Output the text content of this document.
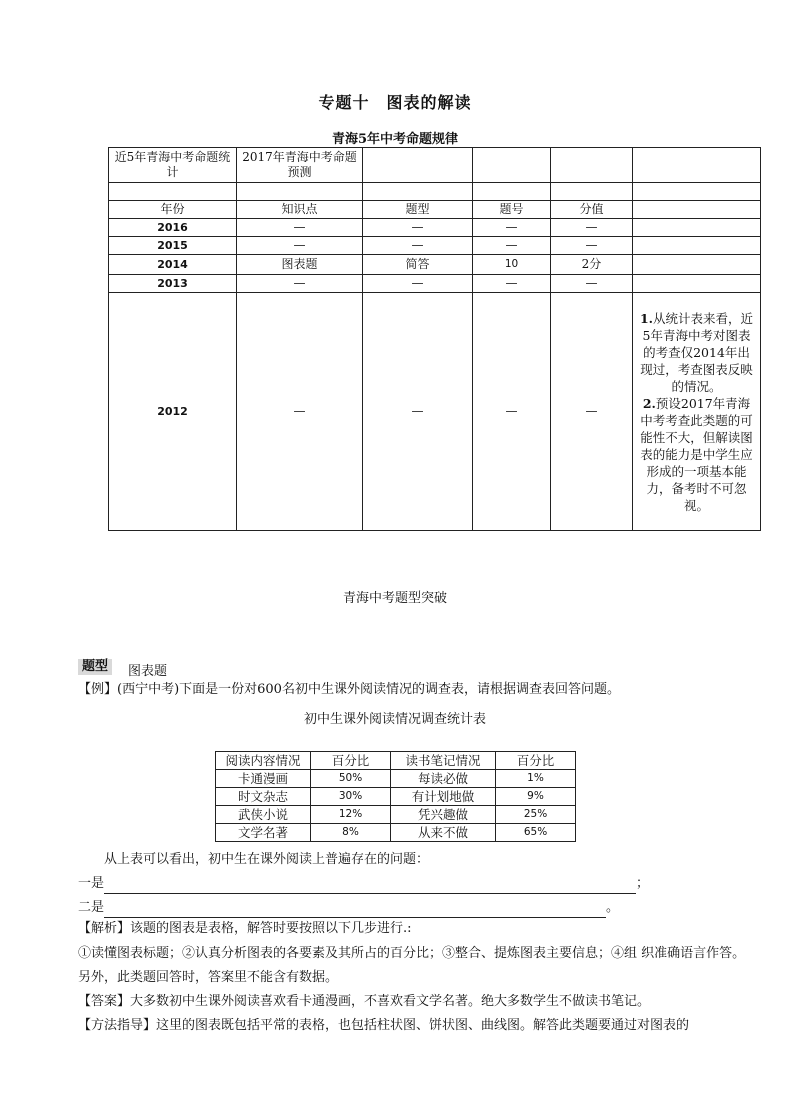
专题十　图表的解读
青海5年中考命题规律
近5年青海中考命题统计	2017年青海中考命题预测				

年份	知识点	题型	题号	分值	
2016	—	—	—	—	
2015	—	—	—	—	
2014	图表题	简答	10	2分	
2013	—	—	—	—	
2012	—	—	—	—	1.从统计表来看，近5年青海中考对图表的考查仅2014年出现过，考查图表反映的情况。
2.预设2017年青海中考考查此类题的可能性不大，但解读图表的能力是中学生应形成的一项基本能力，备考时不可忽视。
青海中考题型突破
题型	图表题
【例】(西宁中考)下面是一份对600名初中生课外阅读情况的调查表，请根据调查表回答问题。
初中生课外阅读情况调查统计表
阅读内容情况	百分比	读书笔记情况	百分比
卡通漫画	50%	每读必做	1%
时文杂志	30%	有计划地做	9%
武侠小说	12%	凭兴趣做	25%
文学名著	8%	从来不做	65%
从上表可以看出，初中生在课外阅读上普遍存在的问题：
一是	；
二是	。
【解析】该题的图表是表格，解答时要按照以下几步进行.:
①读懂图表标题；②认真分析图表的各要素及其所占的百分比；③整合、提炼图表主要信息；④组 织准确语言作答。另外，此类题回答时，答案里不能含有数据。
【答案】大多数初中生课外阅读喜欢看卡通漫画，不喜欢看文学名著。绝大多数学生不做读书笔记。
【方法指导】这里的图表既包括平常的表格，也包括柱状图、饼状图、曲线图。解答此类题要通过对图表的
